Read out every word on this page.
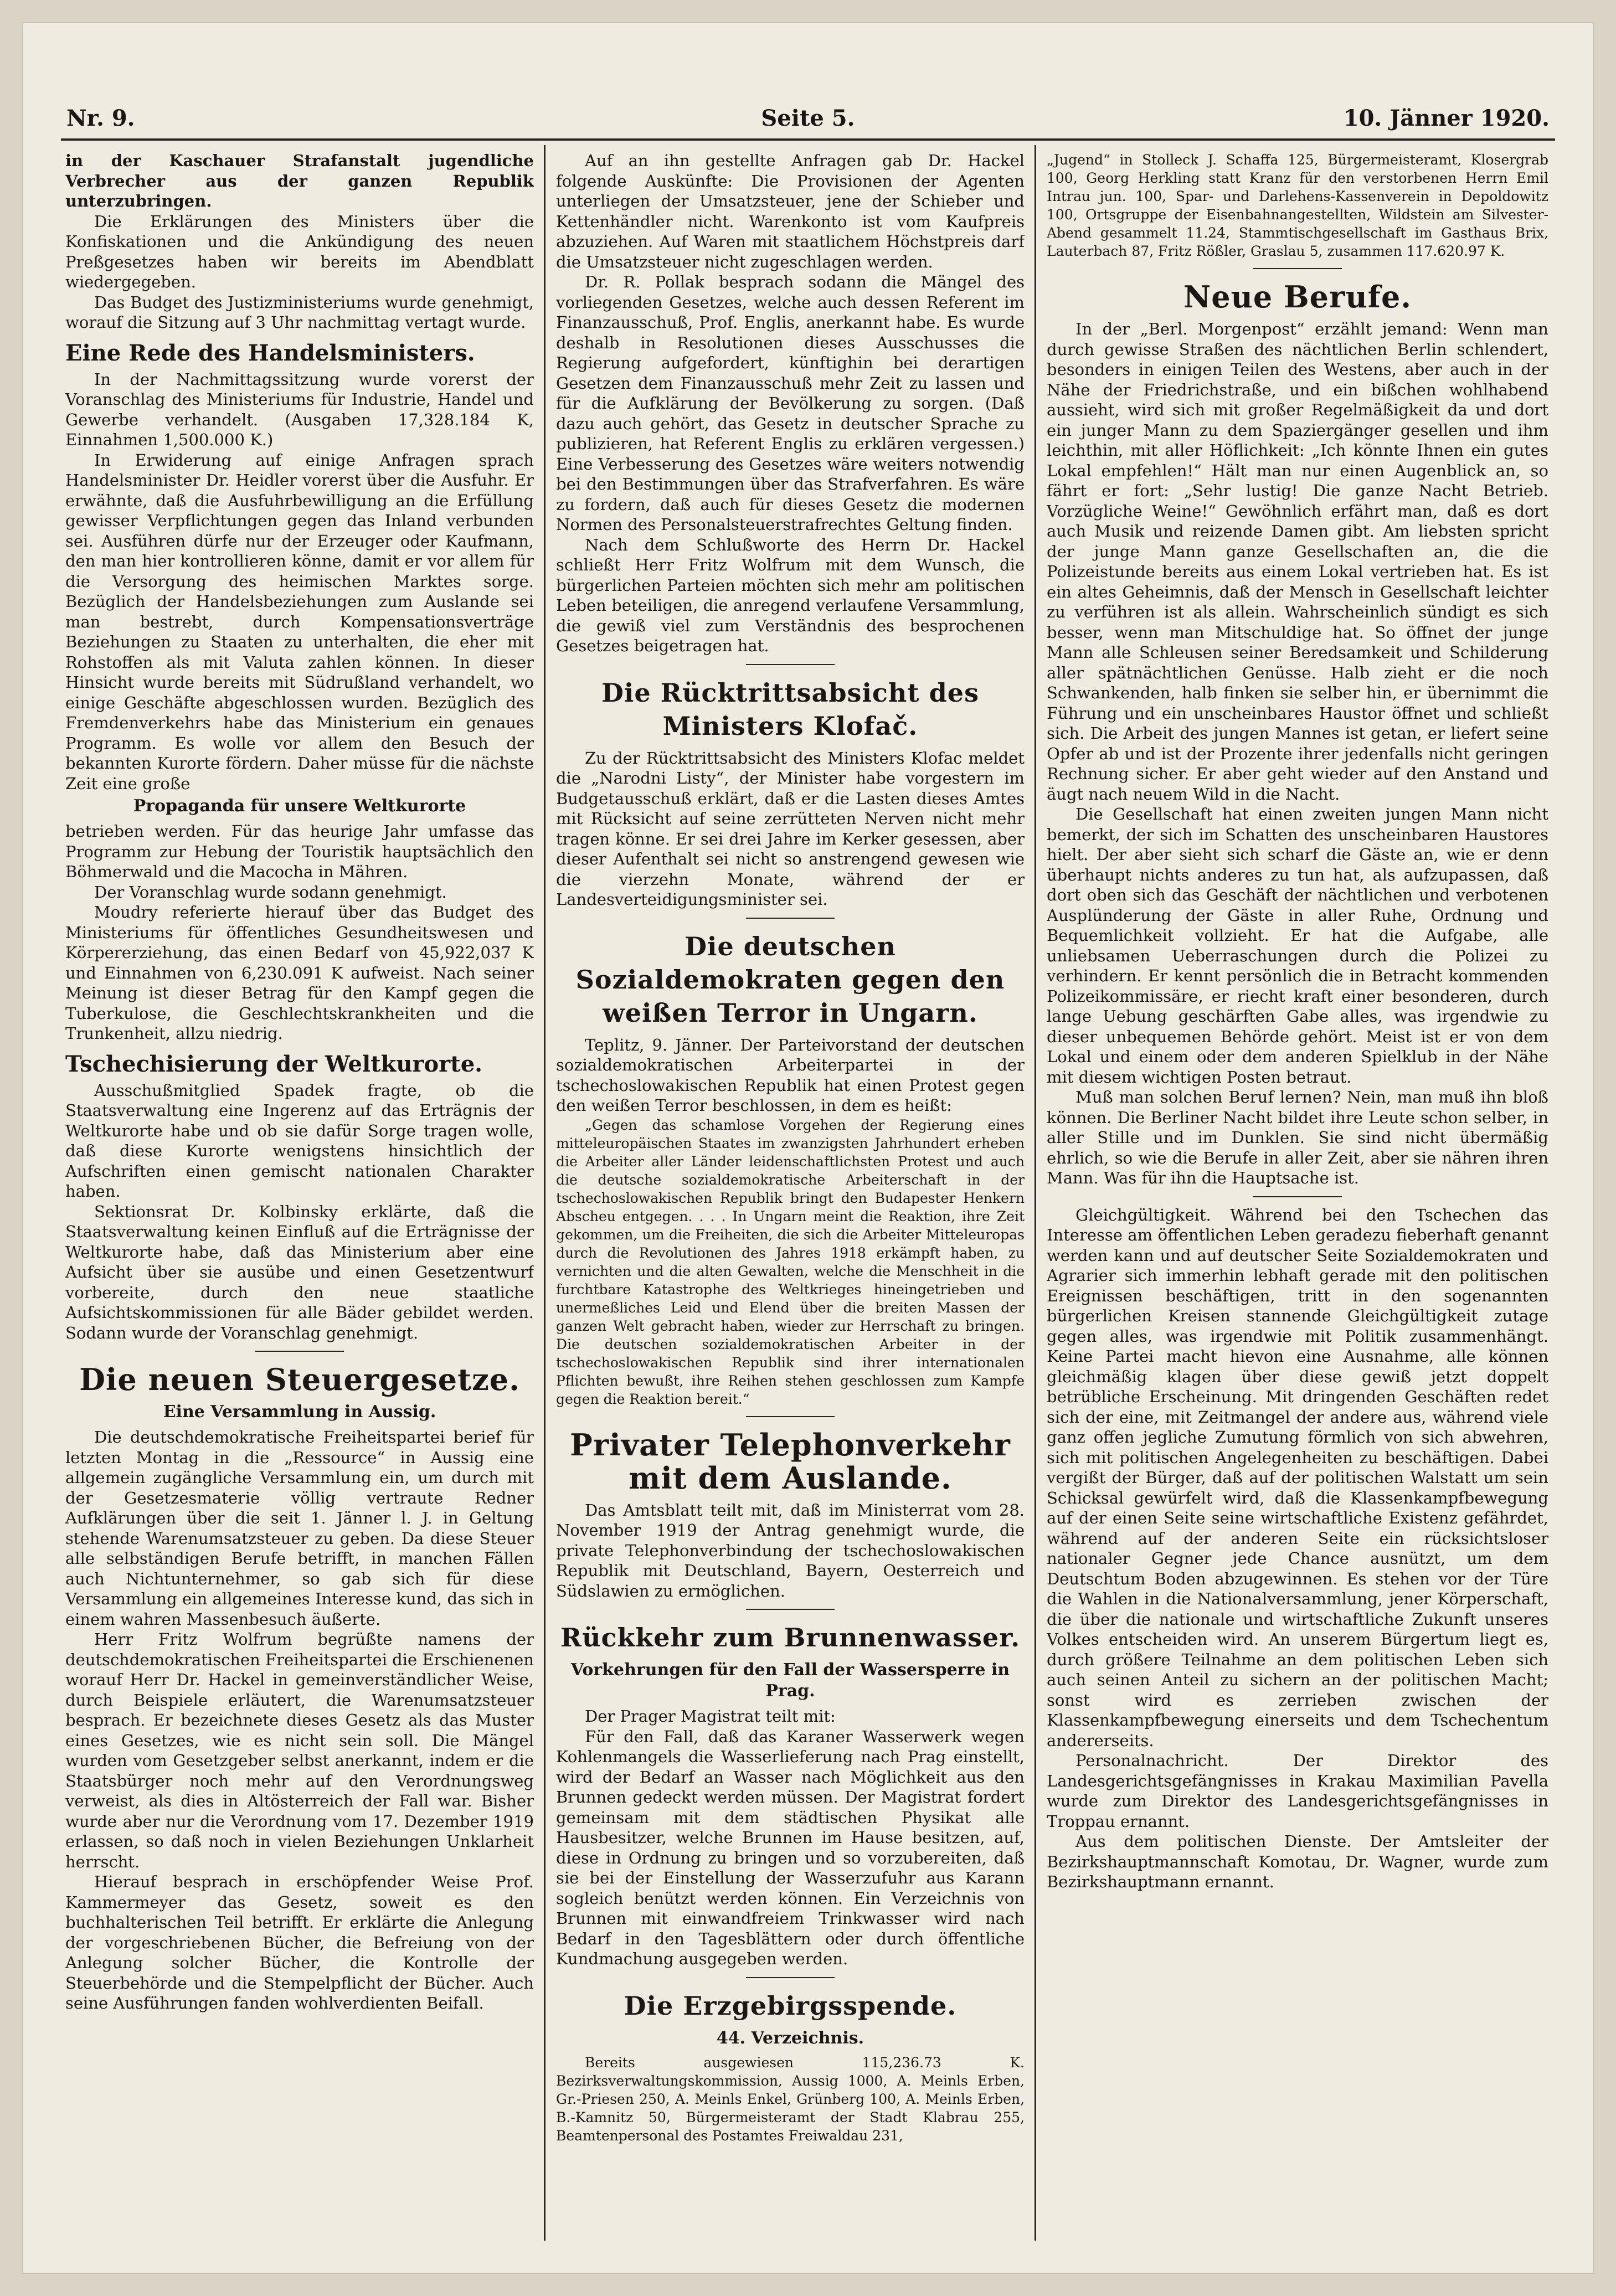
Nr. 9.	Seite 5.	10. Jänner 1920.

in der Kaschauer Strafanstalt jugendliche Verbrecher aus der ganzen Republik unterzubringen.

Die Erklärungen des Ministers über die Konfiskationen und die Ankündigung des neuen Preßgesetzes haben wir bereits im Abendblatt wiedergegeben.

Das Budget des Justizministeriums wurde genehmigt, worauf die Sitzung auf 3 Uhr nachmittag vertagt wurde.

Eine Rede des Handelsministers.

In der Nachmittagssitzung wurde vorerst der Voranschlag des Ministeriums für Industrie, Handel und Gewerbe verhandelt. (Ausgaben 17,328.184 K, Einnahmen 1,500.000 K.)

In Erwiderung auf einige Anfragen sprach Handelsminister Dr. Heidler vorerst über die Ausfuhr. Er erwähnte, daß die Ausfuhrbewilligung an die Erfüllung gewisser Verpflichtungen gegen das Inland verbunden sei. Ausführen dürfe nur der Erzeuger oder Kaufmann, den man hier kontrollieren könne, damit er vor allem für die Versorgung des heimischen Marktes sorge. Bezüglich der Handelsbeziehungen zum Auslande sei man bestrebt, durch Kompensationsverträge Beziehungen zu Staaten zu unterhalten, die eher mit Rohstoffen als mit Valuta zahlen können. In dieser Hinsicht wurde bereits mit Südrußland verhandelt, wo einige Geschäfte abgeschlossen wurden. Bezüglich des Fremdenverkehrs habe das Ministerium ein genaues Programm. Es wolle vor allem den Besuch der bekannten Kurorte fördern. Daher müsse für die nächste Zeit eine große

Propaganda für unsere Weltkurorte

betrieben werden. Für das heurige Jahr umfasse das Programm zur Hebung der Touristik hauptsächlich den Böhmerwald und die Macocha in Mähren.

Der Voranschlag wurde sodann genehmigt.

Moudry referierte hierauf über das Budget des Ministeriums für öffentliches Gesundheitswesen und Körpererziehung, das einen Bedarf von 45,922,037 K und Einnahmen von 6,230.091 K aufweist. Nach seiner Meinung ist dieser Betrag für den Kampf gegen die Tuberkulose, die Geschlechtskrankheiten und die Trunkenheit, allzu niedrig.

Tschechisierung der Weltkurorte.

Ausschußmitglied Spadek fragte, ob die Staatsverwaltung eine Ingerenz auf das Erträgnis der Weltkurorte habe und ob sie dafür Sorge tragen wolle, daß diese Kurorte wenigstens hinsichtlich der Aufschriften einen gemischt nationalen Charakter haben.

Sektionsrat Dr. Kolbinsky erklärte, daß die Staatsverwaltung keinen Einfluß auf die Erträgnisse der Weltkurorte habe, daß das Ministerium aber eine Aufsicht über sie ausübe und einen Gesetzentwurf vorbereite, durch den neue staatliche Aufsichtskommissionen für alle Bäder gebildet werden. Sodann wurde der Voranschlag genehmigt.

Die neuen Steuergesetze.
Eine Versammlung in Aussig.

Die deutschdemokratische Freiheitspartei berief für letzten Montag in die „Ressource“ in Aussig eine allgemein zugängliche Versammlung ein, um durch mit der Gesetzesmaterie völlig vertraute Redner Aufklärungen über die seit 1. Jänner l. J. in Geltung stehende Warenumsatzsteuer zu geben. Da diese Steuer alle selbständigen Berufe betrifft, in manchen Fällen auch Nichtunternehmer, so gab sich für diese Versammlung ein allgemeines Interesse kund, das sich in einem wahren Massenbesuch äußerte.

Herr Fritz Wolfrum begrüßte namens der deutschdemokratischen Freiheitspartei die Erschienenen worauf Herr Dr. Hackel in gemeinverständlicher Weise, durch Beispiele erläutert, die Warenumsatzsteuer besprach. Er bezeichnete dieses Gesetz als das Muster eines Gesetzes, wie es nicht sein soll. Die Mängel wurden vom Gesetzgeber selbst anerkannt, indem er die Staatsbürger noch mehr auf den Verordnungsweg verweist, als dies in Altösterreich der Fall war. Bisher wurde aber nur die Verordnung vom 17. Dezember 1919 erlassen, so daß noch in vielen Beziehungen Unklarheit herrscht.

Hierauf besprach in erschöpfender Weise Prof. Kammermeyer das Gesetz, soweit es den buchhalterischen Teil betrifft. Er erklärte die Anlegung der vorgeschriebenen Bücher, die Befreiung von der Anlegung solcher Bücher, die Kontrolle der Steuerbehörde und die Stempelpflicht der Bücher. Auch seine Ausführungen fanden wohlverdienten Beifall.

Auf an ihn gestellte Anfragen gab Dr. Hackel folgende Auskünfte: Die Provisionen der Agenten unterliegen der Umsatzsteuer, jene der Schieber und Kettenhändler nicht. Warenkonto ist vom Kaufpreis abzuziehen. Auf Waren mit staatlichem Höchstpreis darf die Umsatzsteuer nicht zugeschlagen werden.

Dr. R. Pollak besprach sodann die Mängel des vorliegenden Gesetzes, welche auch dessen Referent im Finanzausschuß, Prof. Englis, anerkannt habe. Es wurde deshalb in Resolutionen dieses Ausschusses die Regierung aufgefordert, künftighin bei derartigen Gesetzen dem Finanzausschuß mehr Zeit zu lassen und für die Aufklärung der Bevölkerung zu sorgen. (Daß dazu auch gehört, das Gesetz in deutscher Sprache zu publizieren, hat Referent Englis zu erklären vergessen.) Eine Verbesserung des Gesetzes wäre weiters notwendig bei den Bestimmungen über das Strafverfahren. Es wäre zu fordern, daß auch für dieses Gesetz die modernen Normen des Personalsteuerstrafrechtes Geltung finden.

Nach dem Schlußworte des Herrn Dr. Hackel schließt Herr Fritz Wolfrum mit dem Wunsch, die bürgerlichen Parteien möchten sich mehr am politischen Leben beteiligen, die anregend verlaufene Versammlung, die gewiß viel zum Verständnis des besprochenen Gesetzes beigetragen hat.

Die Rücktrittsabsicht des Ministers Klofač.

Zu der Rücktrittsabsicht des Ministers Klofac meldet die „Narodni Listy“, der Minister habe vorgestern im Budgetausschuß erklärt, daß er die Lasten dieses Amtes mit Rücksicht auf seine zerrütteten Nerven nicht mehr tragen könne. Er sei drei Jahre im Kerker gesessen, aber dieser Aufenthalt sei nicht so anstrengend gewesen wie die vierzehn Monate, während der er Landesverteidigungsminister sei.

Die deutschen Sozialdemokraten gegen den weißen Terror in Ungarn.

Teplitz, 9. Jänner. Der Parteivorstand der deutschen sozialdemokratischen Arbeiterpartei in der tschechoslowakischen Republik hat einen Protest gegen den weißen Terror beschlossen, in dem es heißt:

„Gegen das schamlose Vorgehen der Regierung eines mitteleuropäischen Staates im zwanzigsten Jahrhundert erheben die Arbeiter aller Länder leidenschaftlichsten Protest und auch die deutsche sozialdemokratische Arbeiterschaft in der tschechoslowakischen Republik bringt den Budapester Henkern Abscheu entgegen. . . . In Ungarn meint die Reaktion, ihre Zeit gekommen, um die Freiheiten, die sich die Arbeiter Mitteleuropas durch die Revolutionen des Jahres 1918 erkämpft haben, zu vernichten und die alten Gewalten, welche die Menschheit in die furchtbare Katastrophe des Weltkrieges hineingetrieben und unermeßliches Leid und Elend über die breiten Massen der ganzen Welt gebracht haben, wieder zur Herrschaft zu bringen. Die deutschen sozialdemokratischen Arbeiter in der tschechoslowakischen Republik sind ihrer internationalen Pflichten bewußt, ihre Reihen stehen geschlossen zum Kampfe gegen die Reaktion bereit.“

Privater Telephonverkehr mit dem Auslande.

Das Amtsblatt teilt mit, daß im Ministerrat vom 28. November 1919 der Antrag genehmigt wurde, die private Telephonverbindung der tschechoslowakischen Republik mit Deutschland, Bayern, Oesterreich und Südslawien zu ermöglichen.

Rückkehr zum Brunnenwasser.
Vorkehrungen für den Fall der Wassersperre in Prag.

Der Prager Magistrat teilt mit:

Für den Fall, daß das Karaner Wasserwerk wegen Kohlenmangels die Wasserlieferung nach Prag einstellt, wird der Bedarf an Wasser nach Möglichkeit aus den Brunnen gedeckt werden müssen. Der Magistrat fordert gemeinsam mit dem städtischen Physikat alle Hausbesitzer, welche Brunnen im Hause besitzen, auf, diese in Ordnung zu bringen und so vorzubereiten, daß sie bei der Einstellung der Wasserzufuhr aus Karann sogleich benützt werden können. Ein Verzeichnis von Brunnen mit einwandfreiem Trinkwasser wird nach Bedarf in den Tagesblättern oder durch öffentliche Kundmachung ausgegeben werden.

Die Erzgebirgsspende.
44. Verzeichnis.

Bereits ausgewiesen 115,236.73 K. Bezirksverwaltungskommission, Aussig 1000, A. Meinls Erben, Gr.-Priesen 250, A. Meinls Enkel, Grünberg 100, A. Meinls Erben, B.-Kamnitz 50, Bürgermeisteramt der Stadt Klabrau 255, Beamtenpersonal des Postamtes Freiwaldau 231,

„Jugend“ in Stolleck J. Schaffa 125, Bürgermeisteramt, Klosergrab 100, Georg Herkling statt Kranz für den verstorbenen Herrn Emil Intrau jun. 100, Spar- und Darlehens-Kassenverein in Depoldowitz 100, Ortsgruppe der Eisenbahnangestellten, Wildstein am Silvester-Abend gesammelt 11.24, Stammtischgesellschaft im Gasthaus Brix, Lauterbach 87, Fritz Rößler, Graslau 5, zusammen 117.620.97 K.

Neue Berufe.

In der „Berl. Morgenpost“ erzählt jemand: Wenn man durch gewisse Straßen des nächtlichen Berlin schlendert, besonders in einigen Teilen des Westens, aber auch in der Nähe der Friedrichstraße, und ein bißchen wohlhabend aussieht, wird sich mit großer Regelmäßigkeit da und dort ein junger Mann zu dem Spaziergänger gesellen und ihm leichthin, mit aller Höflichkeit: „Ich könnte Ihnen ein gutes Lokal empfehlen!“ Hält man nur einen Augenblick an, so fährt er fort: „Sehr lustig! Die ganze Nacht Betrieb. Vorzügliche Weine!“ Gewöhnlich erfährt man, daß es dort auch Musik und reizende Damen gibt. Am liebsten spricht der junge Mann ganze Gesellschaften an, die die Polizeistunde bereits aus einem Lokal vertrieben hat. Es ist ein altes Geheimnis, daß der Mensch in Gesellschaft leichter zu verführen ist als allein. Wahrscheinlich sündigt es sich besser, wenn man Mitschuldige hat. So öffnet der junge Mann alle Schleusen seiner Beredsamkeit und Schilderung aller spätnächtlichen Genüsse. Halb zieht er die noch Schwankenden, halb finken sie selber hin, er übernimmt die Führung und ein unscheinbares Haustor öffnet und schließt sich. Die Arbeit des jungen Mannes ist getan, er liefert seine Opfer ab und ist der Prozente ihrer jedenfalls nicht geringen Rechnung sicher. Er aber geht wieder auf den Anstand und äugt nach neuem Wild in die Nacht.

Die Gesellschaft hat einen zweiten jungen Mann nicht bemerkt, der sich im Schatten des unscheinbaren Haustores hielt. Der aber sieht sich scharf die Gäste an, wie er denn überhaupt nichts anderes zu tun hat, als aufzupassen, daß dort oben sich das Geschäft der nächtlichen und verbotenen Ausplünderung der Gäste in aller Ruhe, Ordnung und Bequemlichkeit vollzieht. Er hat die Aufgabe, alle unliebsamen Ueberraschungen durch die Polizei zu verhindern. Er kennt persönlich die in Betracht kommenden Polizeikommissäre, er riecht kraft einer besonderen, durch lange Uebung geschärften Gabe alles, was irgendwie zu dieser unbequemen Behörde gehört. Meist ist er von dem Lokal und einem oder dem anderen Spielklub in der Nähe mit diesem wichtigen Posten betraut.

Muß man solchen Beruf lernen? Nein, man muß ihn bloß können. Die Berliner Nacht bildet ihre Leute schon selber, in aller Stille und im Dunklen. Sie sind nicht übermäßig ehrlich, so wie die Berufe in aller Zeit, aber sie nähren ihren Mann. Was für ihn die Hauptsache ist.

Gleichgültigkeit. Während bei den Tschechen das Interesse am öffentlichen Leben geradezu fieberhaft genannt werden kann und auf deutscher Seite Sozialdemokraten und Agrarier sich immerhin lebhaft gerade mit den politischen Ereignissen beschäftigen, tritt in den sogenannten bürgerlichen Kreisen stannende Gleichgültigkeit zutage gegen alles, was irgendwie mit Politik zusammenhängt. Keine Partei macht hievon eine Ausnahme, alle können gleichmäßig klagen über diese gewiß jetzt doppelt betrübliche Erscheinung. Mit dringenden Geschäften redet sich der eine, mit Zeitmangel der andere aus, während viele ganz offen jegliche Zumutung förmlich von sich abwehren, sich mit politischen Angelegenheiten zu beschäftigen. Dabei vergißt der Bürger, daß auf der politischen Walstatt um sein Schicksal gewürfelt wird, daß die Klassenkampfbewegung auf der einen Seite seine wirtschaftliche Existenz gefährdet, während auf der anderen Seite ein rücksichtsloser nationaler Gegner jede Chance ausnützt, um dem Deutschtum Boden abzugewinnen. Es stehen vor der Türe die Wahlen in die Nationalversammlung, jener Körperschaft, die über die nationale und wirtschaftliche Zukunft unseres Volkes entscheiden wird. An unserem Bürgertum liegt es, durch größere Teilnahme an dem politischen Leben sich auch seinen Anteil zu sichern an der politischen Macht; sonst wird es zerrieben zwischen der Klassenkampfbewegung einerseits und dem Tschechentum andererseits.

Personalnachricht. Der Direktor des Landesgerichtsgefängnisses in Krakau Maximilian Pavella wurde zum Direktor des Landesgerichtsgefängnisses in Troppau ernannt.

Aus dem politischen Dienste. Der Amtsleiter der Bezirkshauptmannschaft Komotau, Dr. Wagner, wurde zum Bezirkshauptmann ernannt.
